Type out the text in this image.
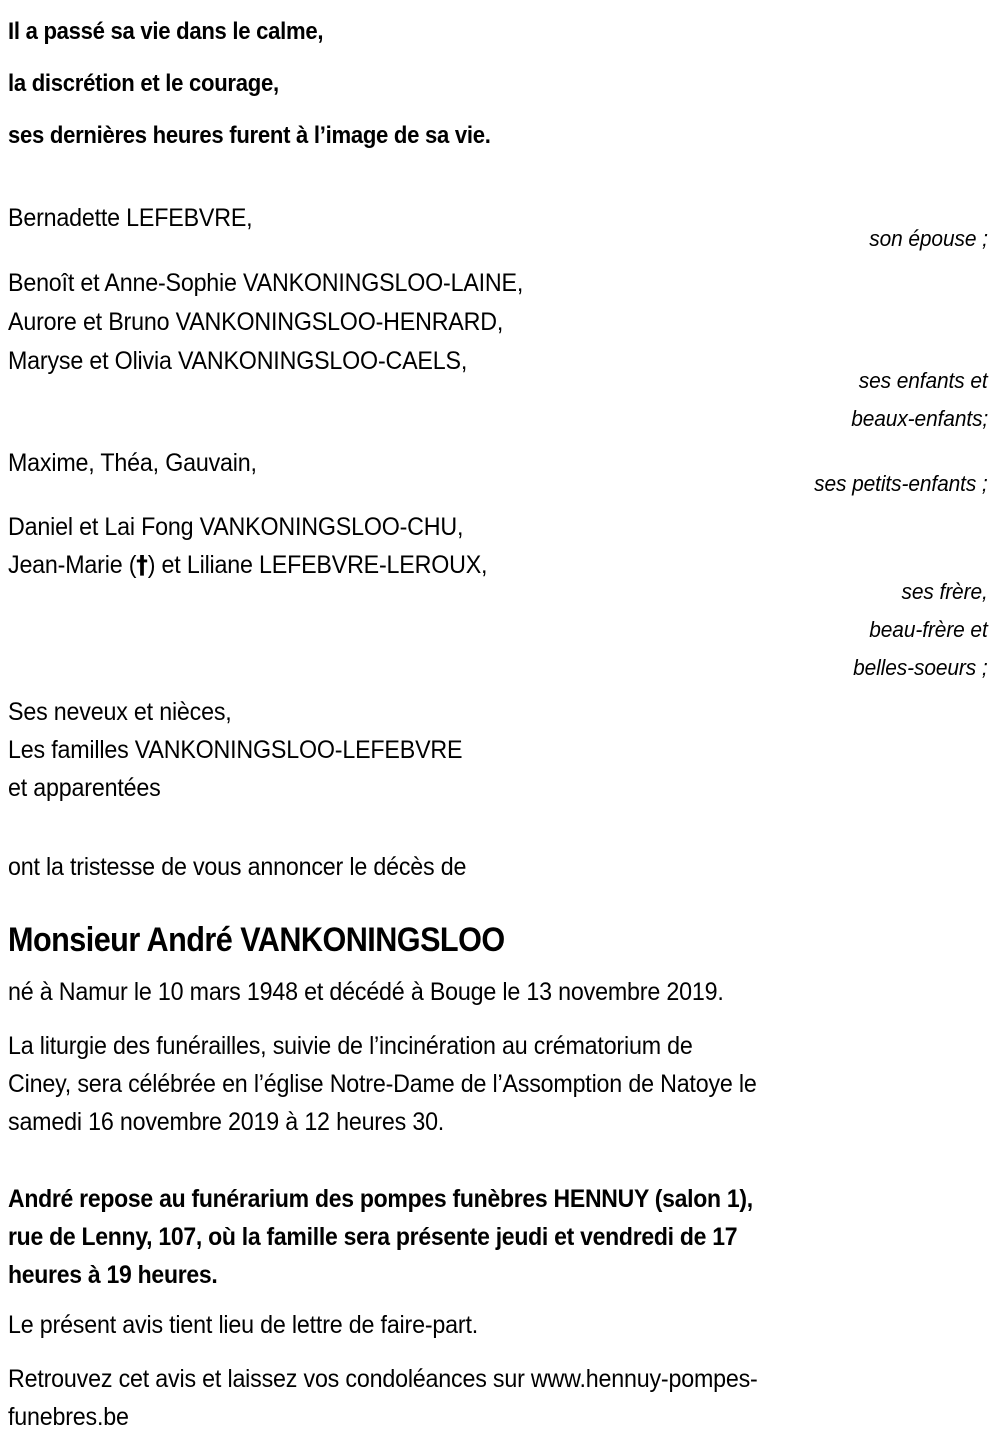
Il a passé sa vie dans le calme,
la discrétion et le courage,
ses dernières heures furent à l’image de sa vie.
Bernadette LEFEBVRE,
son épouse ;
Benoît et Anne-Sophie VANKONINGSLOO-LAINE,
Aurore et Bruno VANKONINGSLOO-HENRARD,
Maryse et Olivia VANKONINGSLOO-CAELS,
ses enfants et
beaux-enfants;
Maxime, Théa, Gauvain,
ses petits-enfants ;
Daniel et Lai Fong VANKONINGSLOO-CHU,
Jean-Marie (†) et Liliane LEFEBVRE-LEROUX,
ses frère,
beau-frère et
belles-soeurs ;
Ses neveux et nièces,
Les familles VANKONINGSLOO-LEFEBVRE
et apparentées
ont la tristesse de vous annoncer le décès de
Monsieur André VANKONINGSLOO
né à Namur le 10 mars 1948 et décédé à Bouge le 13 novembre 2019.
La liturgie des funérailles, suivie de l’incinération au crématorium de
Ciney, sera célébrée en l’église Notre-Dame de l’Assomption de Natoye le
samedi 16 novembre 2019 à 12 heures 30.
André repose au funérarium des pompes funèbres HENNUY (salon 1),
rue de Lenny, 107, où la famille sera présente jeudi et vendredi de 17
heures à 19 heures.
Le présent avis tient lieu de lettre de faire-part.
Retrouvez cet avis et laissez vos condoléances sur www.hennuy-pompes-
funebres.be
